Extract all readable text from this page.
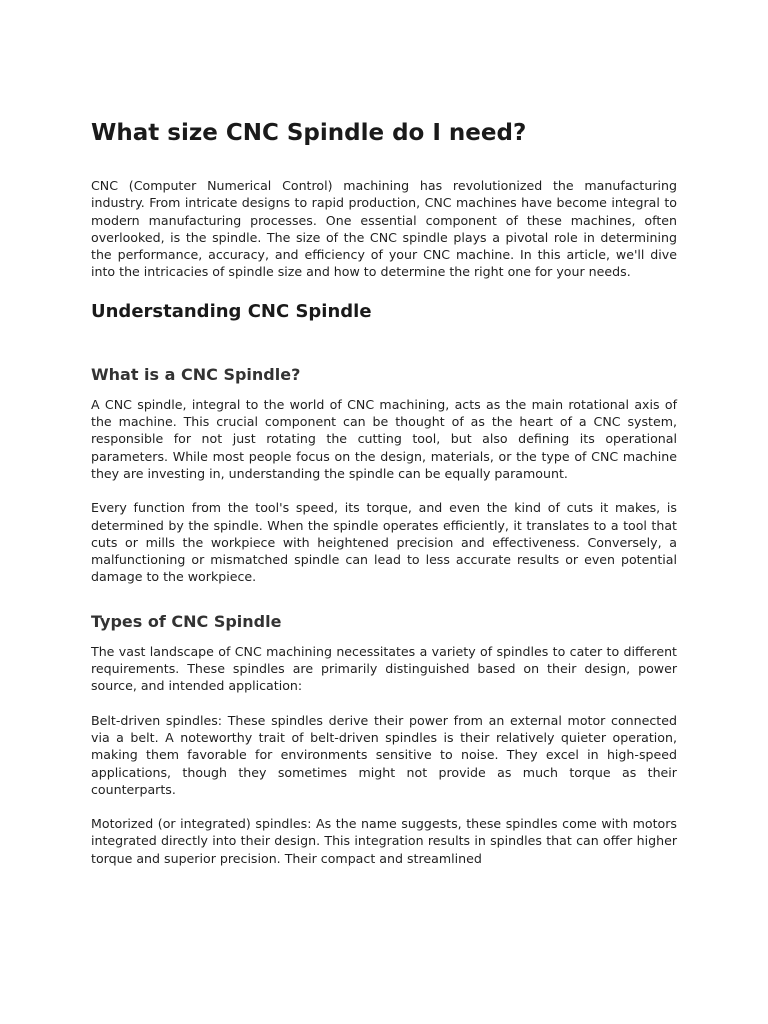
What size CNC Spindle do I need?

CNC (Computer Numerical Control) machining has revolutionized the manufacturing industry. From intricate designs to rapid production, CNC machines have become integral to modern manufacturing processes. One essential component of these machines, often overlooked, is the spindle. The size of the CNC spindle plays a pivotal role in determining the performance, accuracy, and efficiency of your CNC machine. In this article, we'll dive into the intricacies of spindle size and how to determine the right one for your needs.

Understanding CNC Spindle
What is a CNC Spindle?

A CNC spindle, integral to the world of CNC machining, acts as the main rotational axis of the machine. This crucial component can be thought of as the heart of a CNC system, responsible for not just rotating the cutting tool, but also defining its operational parameters. While most people focus on the design, materials, or the type of CNC machine they are investing in, understanding the spindle can be equally paramount.

Every function from the tool's speed, its torque, and even the kind of cuts it makes, is determined by the spindle. When the spindle operates efficiently, it translates to a tool that cuts or mills the workpiece with heightened precision and effectiveness. Conversely, a malfunctioning or mismatched spindle can lead to less accurate results or even potential damage to the workpiece.

Types of CNC Spindle

The vast landscape of CNC machining necessitates a variety of spindles to cater to different requirements. These spindles are primarily distinguished based on their design, power source, and intended application:

Belt-driven spindles: These spindles derive their power from an external motor connected via a belt. A noteworthy trait of belt-driven spindles is their relatively quieter operation, making them favorable for environments sensitive to noise. They excel in high-speed applications, though they sometimes might not provide as much torque as their counterparts.

Motorized (or integrated) spindles: As the name suggests, these spindles come with motors integrated directly into their design. This integration results in spindles that can offer higher torque and superior precision. Their compact and streamlined
